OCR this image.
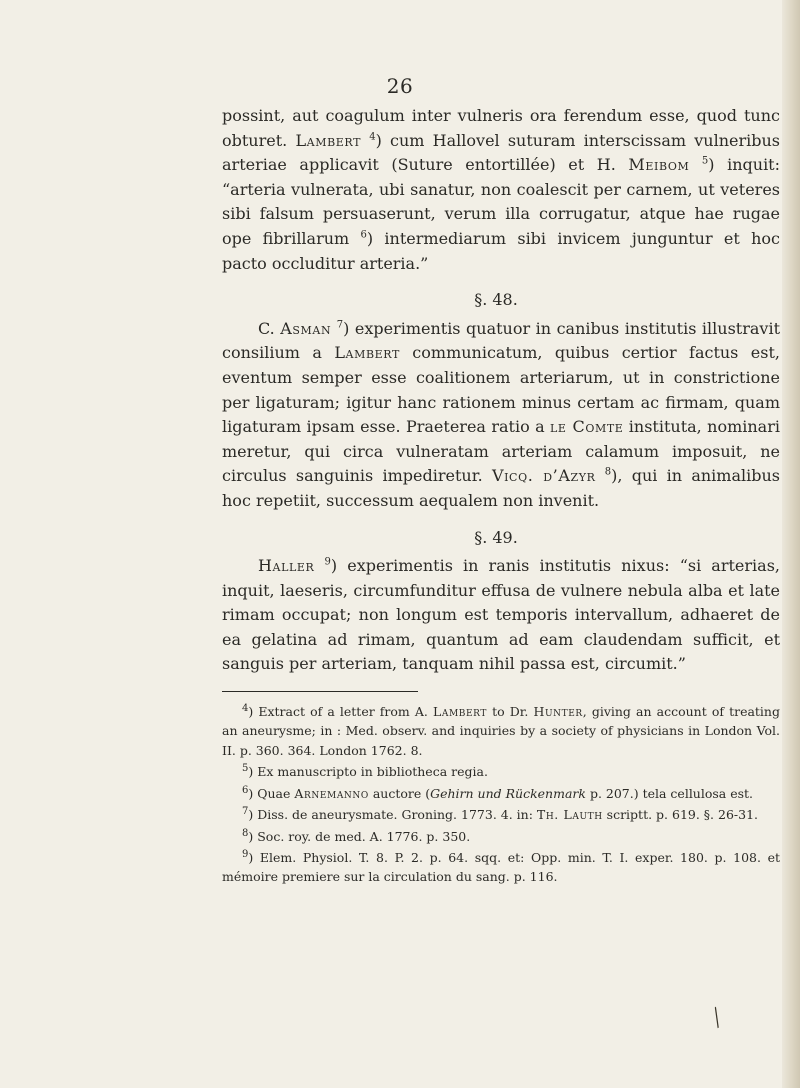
26

possint, aut coagulum inter vulneris ora ferendum esse, quod tunc obturet. Lambert $^4$) cum Hallovel suturam interscissam vulneribus arteriae applicavit (Suture entortillée) et H. Meibom $^5$) inquit: “arteria vulnerata, ubi sanatur, non coalescit per carnem, ut veteres sibi falsum persuaserunt, verum illa corrugatur, atque hae rugae ope fibrillarum $^6$) intermediarum sibi invicem junguntur et hoc pacto occluditur arteria.”

§. 48.

C. Asman $^7$) experimentis quatuor in canibus institutis illustravit consilium a Lambert communicatum, quibus certior factus est, eventum semper esse coalitionem arteriarum, ut in constrictione per ligaturam; igitur hanc rationem minus certam ac firmam, quam ligaturam ipsam esse. Praeterea ratio a le Comte instituta, nominari meretur, qui circa vulneratam arteriam calamum imposuit, ne circulus sanguinis impediretur. Vicq. d’Azyr $^8$), qui in animalibus hoc repetiit, successum aequalem non invenit.

§. 49.

Haller $^9$) experimentis in ranis institutis nixus: “si arterias, inquit, laeseris, circumfunditur effusa de vulnere nebula alba et late rimam occupat; non longum est temporis intervallum, adhaeret de ea gelatina ad rimam, quantum ad eam claudendam sufficit, et sanguis per arteriam, tanquam nihil passa est, circumit.”

$^4$) Extract of a letter from A. Lambert to Dr. Hunter, giving an account of treating an aneurysme; in : Med. observ. and inquiries by a society of physicians in London Vol. II. p. 360. 364. London 1762. 8.

$^5$) Ex manuscripto in bibliotheca regia.

$^6$) Quae Arnemanno auctore (Gehirn und Rückenmark p. 207.) tela cellulosa est.

$^7$) Diss. de aneurysmate. Groning. 1773. 4. in: Th. Lauth scriptt. p. 619. §. 26-31.

$^8$) Soc. roy. de med. A. 1776. p. 350.

$^9$) Elem. Physiol. T. 8. P. 2. p. 64. sqq. et: Opp. min. T. I. exper. 180. p. 108. et mémoire premiere sur la circulation du sang. p. 116.

╱
